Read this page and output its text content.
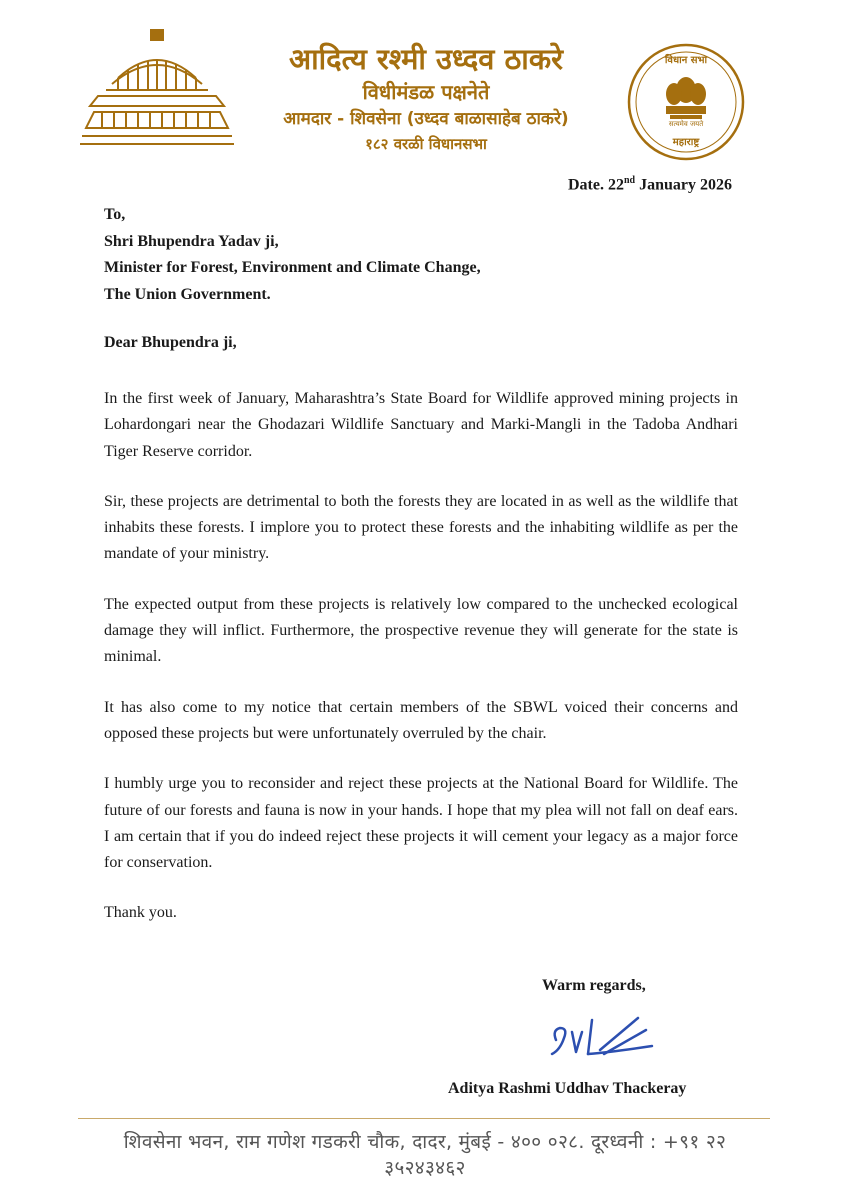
आदित्य रश्मी उध्दव ठाकरे
विधीमंडळ पक्षनेते
आमदार - शिवसेना (उध्दव बाळासाहेब ठाकरे)
१८२ वरळी विधानसभा
विधान सभा
सत्यमेव जयते
महाराष्ट्र
Date. 22nd January 2026
To,
Shri Bhupendra Yadav ji,
Minister for Forest, Environment and Climate Change,
The Union Government.
Dear Bhupendra ji,

In the first week of January, Maharashtra’s State Board for Wildlife approved mining projects in Lohardongari near the Ghodazari Wildlife Sanctuary and Marki-Mangli in the Tadoba Andhari Tiger Reserve corridor.

Sir, these projects are detrimental to both the forests they are located in as well as the wildlife that inhabits these forests. I implore you to protect these forests and the inhabiting wildlife as per the mandate of your ministry.

The expected output from these projects is relatively low compared to the unchecked ecological damage they will inflict. Furthermore, the prospective revenue they will generate for the state is minimal.

It has also come to my notice that certain members of the SBWL voiced their concerns and opposed these projects but were unfortunately overruled by the chair.

I humbly urge you to reconsider and reject these projects at the National Board for Wildlife. The future of our forests and fauna is now in your hands. I hope that my plea will not fall on deaf ears. I am certain that if you do indeed reject these projects it will cement your legacy as a major force for conservation.

Thank you.

Warm regards,
Aditya Rashmi Uddhav Thackeray
शिवसेना भवन, राम गणेश गडकरी चौक, दादर, मुंबई - ४०० ०२८. दूरध्वनी : +९१ २२ ३५२४३४६२
